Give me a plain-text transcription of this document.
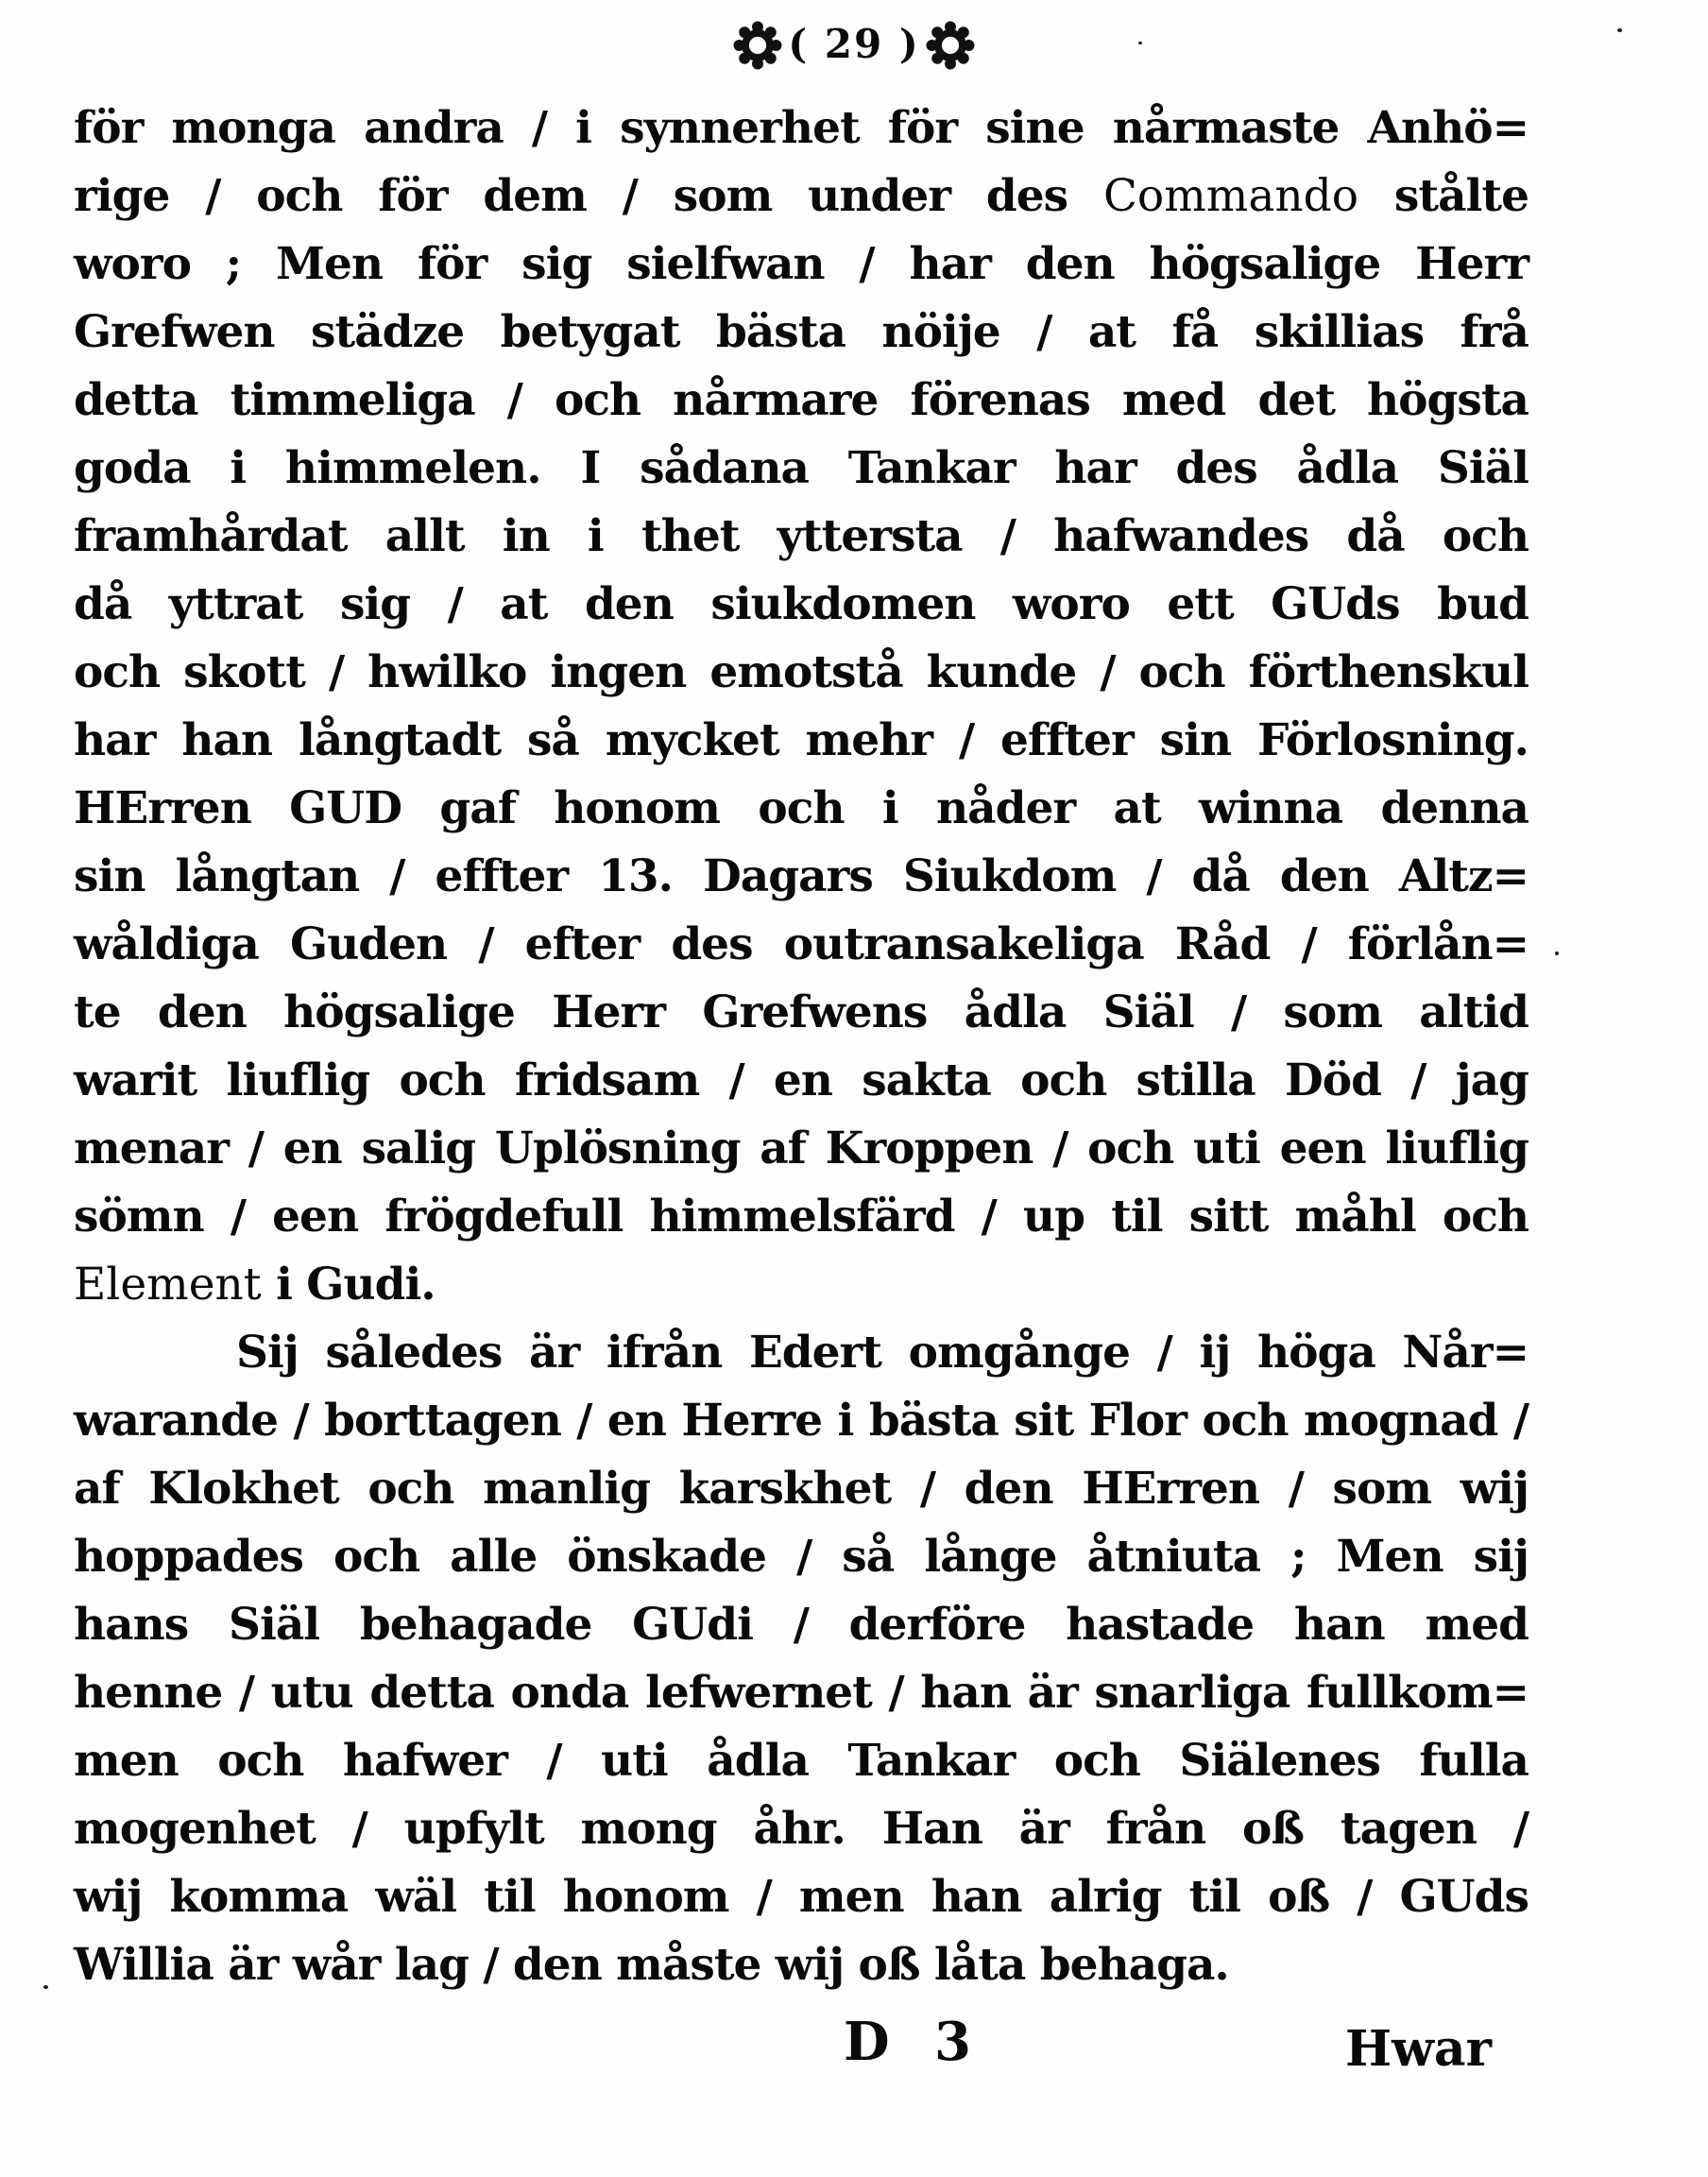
( 29 )
för monga andra / i synnerhet för sine nårmaste Anhö=
rige / och för dem / som under des Commando stålte
woro ; Men för sig sielfwan / har den högsalige Herr
Grefwen städze betygat bästa nöije / at få skillias frå
detta timmeliga / och nårmare förenas med det högsta
goda i himmelen. I sådana Tankar har des ådla Siäl
framhårdat allt in i thet yttersta / hafwandes då och
då yttrat sig / at den siukdomen woro ett GUds bud
och skott / hwilko ingen emotstå kunde / och förthenskul
har han långtadt så mycket mehr / effter sin Förlosning.
HErren GUD gaf honom och i nåder at winna denna
sin långtan / effter 13. Dagars Siukdom / då den Altz=
wåldiga Guden / efter des outransakeliga Råd / förlån=
te den högsalige Herr Grefwens ådla Siäl / som altid
warit liuflig och fridsam / en sakta och stilla Död / jag
menar / en salig Uplösning af Kroppen / och uti een liuflig
sömn / een frögdefull himmelsfärd / up til sitt måhl och
Element i Gudi.
Sij således är ifrån Edert omgånge / ij höga Når=
warande / borttagen / en Herre i bästa sit Flor och mognad /
af Klokhet och manlig karskhet / den HErren / som wij
hoppades och alle önskade / så långe åtniuta ; Men sij
hans Siäl behagade GUdi / derföre hastade han med
henne / utu detta onda lefwernet / han är snarliga fullkom=
men och hafwer / uti ådla Tankar och Siälenes fulla
mogenhet / upfylt mong åhr. Han är från oß tagen /
wij komma wäl til honom / men han alrig til oß / GUds
Willia är wår lag / den måste wij oß låta behaga.
D 3	Hwar
